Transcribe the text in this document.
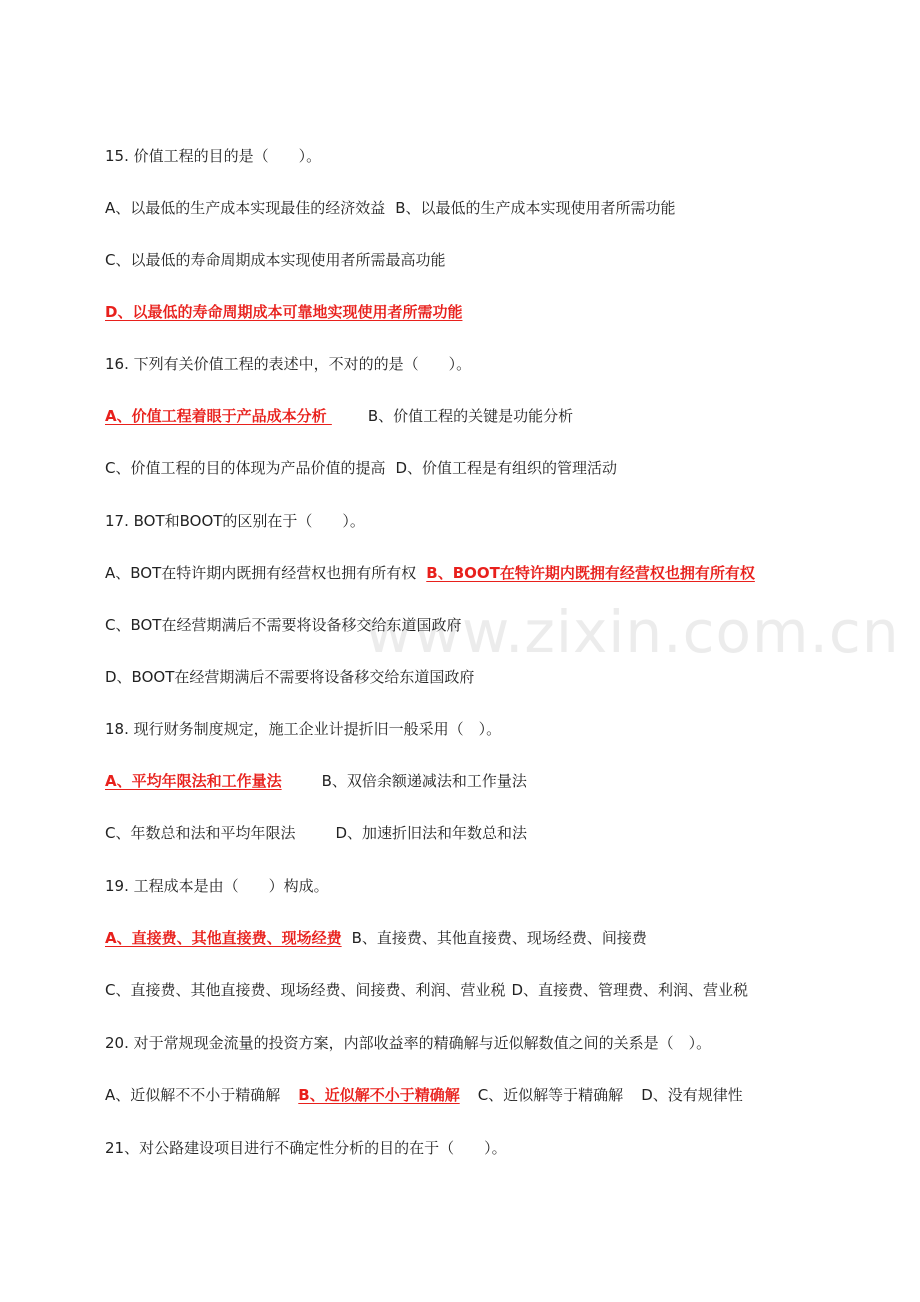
www.zixin.com.cn
15. 价值工程的目的是（　　）。
A、以最低的生产成本实现最佳的经济效益 B、以最低的生产成本实现使用者所需功能
C、以最低的寿命周期成本实现使用者所需最高功能
D、以最低的寿命周期成本可靠地实现使用者所需功能
16. 下列有关价值工程的表述中，不对的的是（　　）。
A、价值工程着眼于产品成本分析 B、价值工程的关键是功能分析
C、价值工程的目的体现为产品价值的提高 D、价值工程是有组织的管理活动
17. BOT和BOOT的区别在于（　　）。
A、BOT在特许期内既拥有经营权也拥有所有权 B、BOOT在特许期内既拥有经营权也拥有所有权
C、BOT在经营期满后不需要将设备移交给东道国政府
D、BOOT在经营期满后不需要将设备移交给东道国政府
18. 现行财务制度规定，施工企业计提折旧一般采用（　）。
A、平均年限法和工作量法	B、双倍余额递减法和工作量法
C、年数总和法和平均年限法	D、加速折旧法和年数总和法
19. 工程成本是由（　　）构成。
A、直接费、其他直接费、现场经费 B、直接费、其他直接费、现场经费、间接费
C、直接费、其他直接费、现场经费、间接费、利润、营业税 D、直接费、管理费、利润、营业税
20. 对于常规现金流量的投资方案，内部收益率的精确解与近似解数值之间的关系是（　）。
A、近似解不不小于精确解 B、近似解不小于精确解 C、近似解等于精确解 D、没有规律性
21、对公路建设项目进行不确定性分析的目的在于（　　）。
